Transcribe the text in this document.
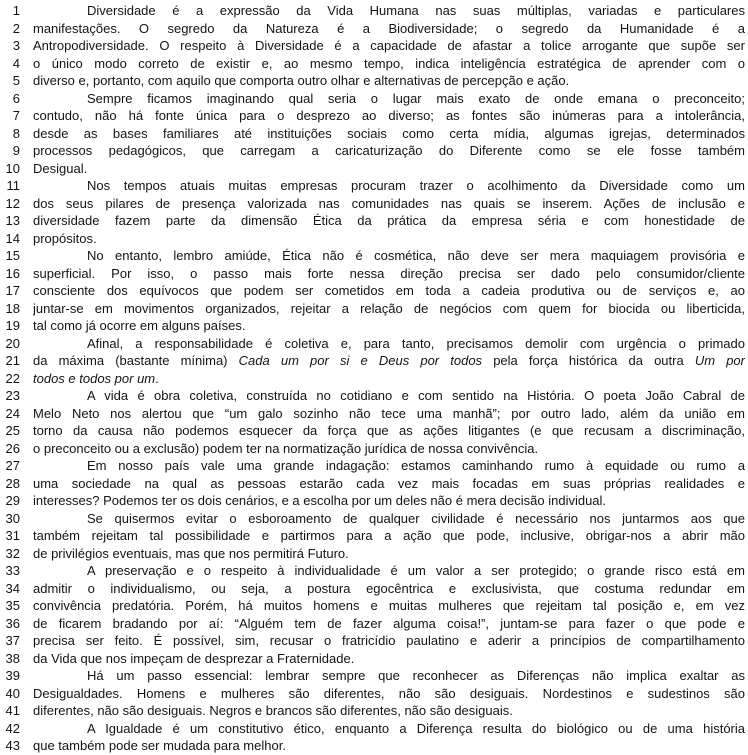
1	Diversidade é a expressão da Vida Humana nas suas múltiplas, variadas e particulares
2 manifestações. O segredo da Natureza é a Biodiversidade; o segredo da Humanidade é a
3 Antropodiversidade. O respeito à Diversidade é a capacidade de afastar a tolice arrogante que supõe ser
4 o único modo correto de existir e, ao mesmo tempo, indica inteligência estratégica de aprender com o
5 diverso e, portanto, com aquilo que comporta outro olhar e alternativas de percepção e ação.
6	Sempre ficamos imaginando qual seria o lugar mais exato de onde emana o preconceito;
7 contudo, não há fonte única para o desprezo ao diverso; as fontes são inúmeras para a intolerância,
8 desde as bases familiares até instituições sociais como certa mídia, algumas igrejas, determinados
9 processos pedagógicos, que carregam a caricaturização do Diferente como se ele fosse também
10 Desigual.
11	Nos tempos atuais muitas empresas procuram trazer o acolhimento da Diversidade como um
12 dos seus pilares de presença valorizada nas comunidades nas quais se inserem. Ações de inclusão e
13 diversidade fazem parte da dimensão Ética da prática da empresa séria e com honestidade de
14 propósitos.
15	No entanto, lembro amiúde, Ética não é cosmética, não deve ser mera maquiagem provisória e
16 superficial. Por isso, o passo mais forte nessa direção precisa ser dado pelo consumidor/cliente
17 consciente dos equívocos que podem ser cometidos em toda a cadeia produtiva ou de serviços e, ao
18 juntar-se em movimentos organizados, rejeitar a relação de negócios com quem for biocida ou liberticida,
19 tal como já ocorre em alguns países.
20	Afinal, a responsabilidade é coletiva e, para tanto, precisamos demolir com urgência o primado
21 da máxima (bastante mínima) Cada um por si e Deus por todos pela força histórica da outra Um por
22 todos e todos por um.
23	A vida é obra coletiva, construída no cotidiano e com sentido na História. O poeta João Cabral de
24 Melo Neto nos alertou que “um galo sozinho não tece uma manhã”; por outro lado, além da união em
25 torno da causa não podemos esquecer da força que as ações litigantes (e que recusam a discriminação,
26 o preconceito ou a exclusão) podem ter na normatização jurídica de nossa convivência.
27	Em nosso país vale uma grande indagação: estamos caminhando rumo à equidade ou rumo a
28 uma sociedade na qual as pessoas estarão cada vez mais focadas em suas próprias realidades e
29 interesses? Podemos ter os dois cenários, e a escolha por um deles não é mera decisão individual.
30	Se quisermos evitar o esboroamento de qualquer civilidade é necessário nos juntarmos aos que
31 também rejeitam tal possibilidade e partirmos para a ação que pode, inclusive, obrigar-nos a abrir mão
32 de privilégios eventuais, mas que nos permitirá Futuro.
33	A preservação e o respeito à individualidade é um valor a ser protegido; o grande risco está em
34 admitir o individualismo, ou seja, a postura egocêntrica e exclusivista, que costuma redundar em
35 convivência predatória. Porém, há muitos homens e muitas mulheres que rejeitam tal posição e, em vez
36 de ficarem bradando por aí: “Alguém tem de fazer alguma coisa!”, juntam-se para fazer o que pode e
37 precisa ser feito. É possível, sim, recusar o fratricídio paulatino e aderir a princípios de compartilhamento
38 da Vida que nos impeçam de desprezar a Fraternidade.
39	Há um passo essencial: lembrar sempre que reconhecer as Diferenças não implica exaltar as
40 Desigualdades. Homens e mulheres são diferentes, não são desiguais. Nordestinos e sudestinos são
41 diferentes, não são desiguais. Negros e brancos são diferentes, não são desiguais.
42	A Igualdade é um constitutivo ético, enquanto a Diferença resulta do biológico ou de uma história
43 que também pode ser mudada para melhor.
